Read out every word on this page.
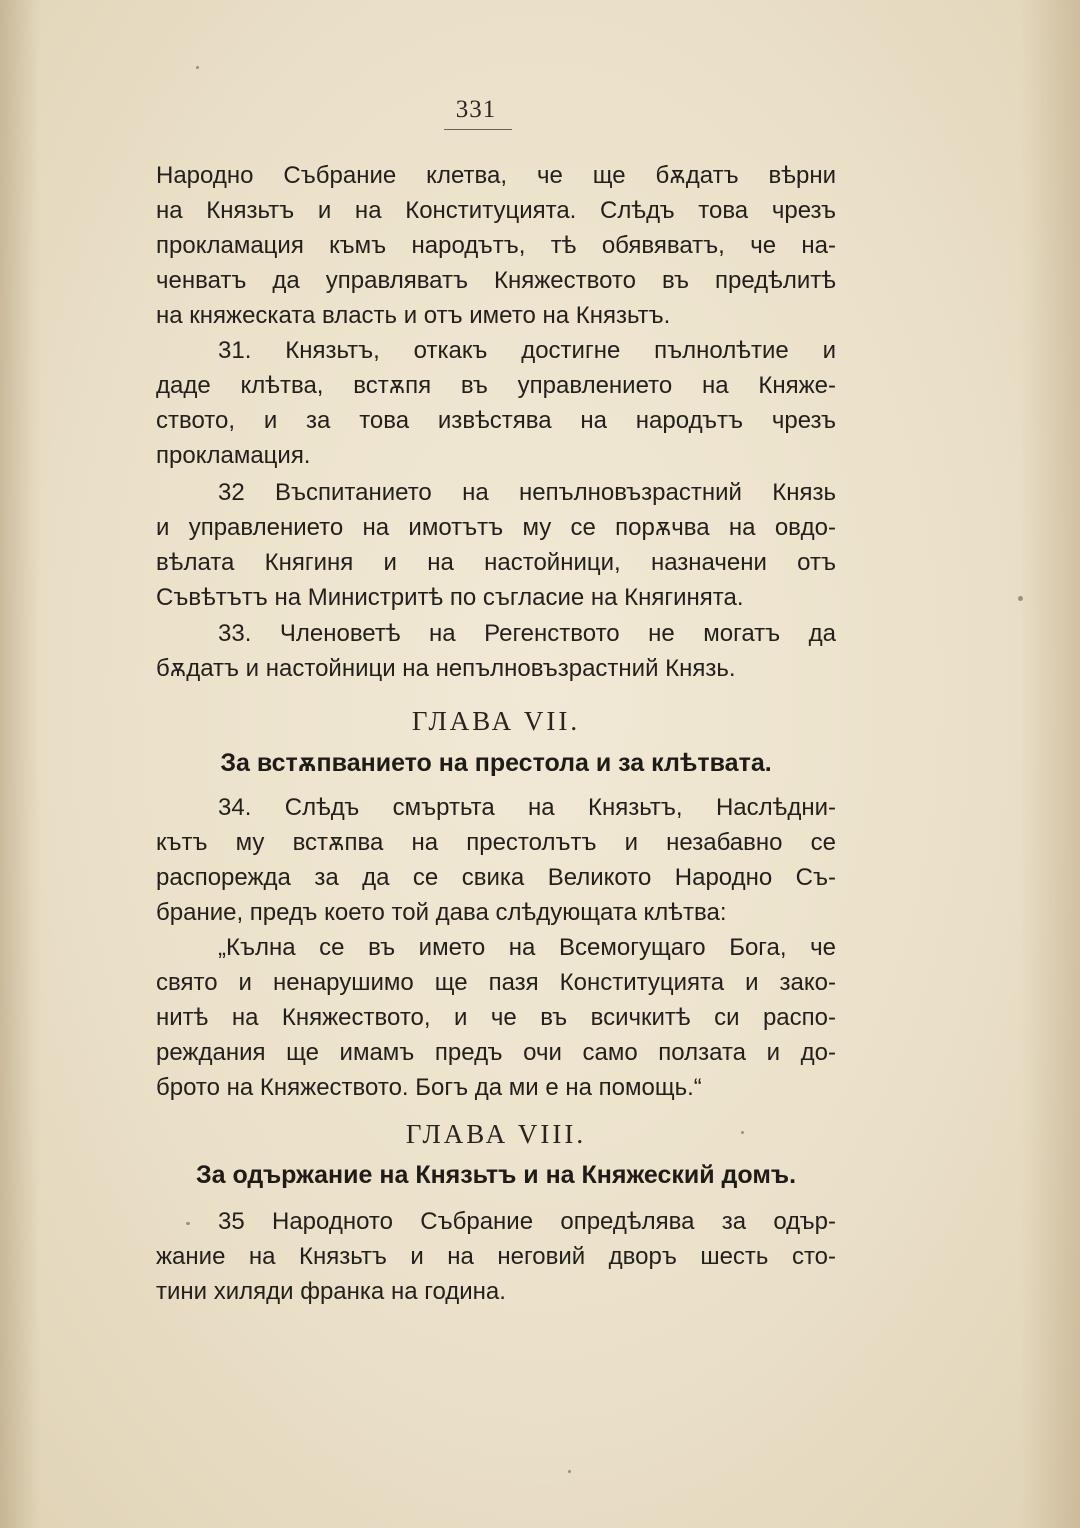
331
Народно Събрание клетва, че ще бѫдатъ вѣрни
на Князьтъ и на Конституцията. Слѣдъ това чрезъ
прокламация къмъ народътъ, тѣ обявяватъ, че на-
ченватъ да управляватъ Княжеството въ предѣлитѣ
на княжеската власть и отъ името на Князьтъ.
31. Князьтъ, откакъ достигне пълнолѣтие и
даде клѣтва, встѫпя въ управлението на Княже-
ството, и за това извѣстява на народътъ чрезъ
прокламация.
32 Въспитанието на непълновъзрастний Князь
и управлението на имотътъ му се порѫчва на овдо-
вѣлата Княгиня и на настойници, назначени отъ
Съвѣтътъ на Министритѣ по съгласие на Княгинята.
33. Членоветѣ на Регенството не могатъ да
бѫдатъ и настойници на непълновъзрастний Князь.
ГЛАВА VII.
За встѫпванието на престола и за клѣтвата.
34. Слѣдъ смъртьта на Князьтъ, Наслѣдни-
кътъ му встѫпва на престолътъ и незабавно се
распорежда за да се свика Великото Народно Съ-
брание, предъ което той дава слѣдующата клѣтва:
„Кълна се въ името на Всемогущаго Бога, че
свято и ненарушимо ще пазя Конституцията и зако-
нитѣ на Княжеството, и че въ всичкитѣ си распо-
реждания ще имамъ предъ очи само ползата и до-
брото на Княжеството. Богъ да ми е на помощь.“
ГЛАВА VIII.
За одържание на Князьтъ и на Княжеский домъ.
35 Народното Събрание опредѣлява за одър-
жание на Князьтъ и на неговий дворъ шесть сто-
тини хиляди франка на година.
